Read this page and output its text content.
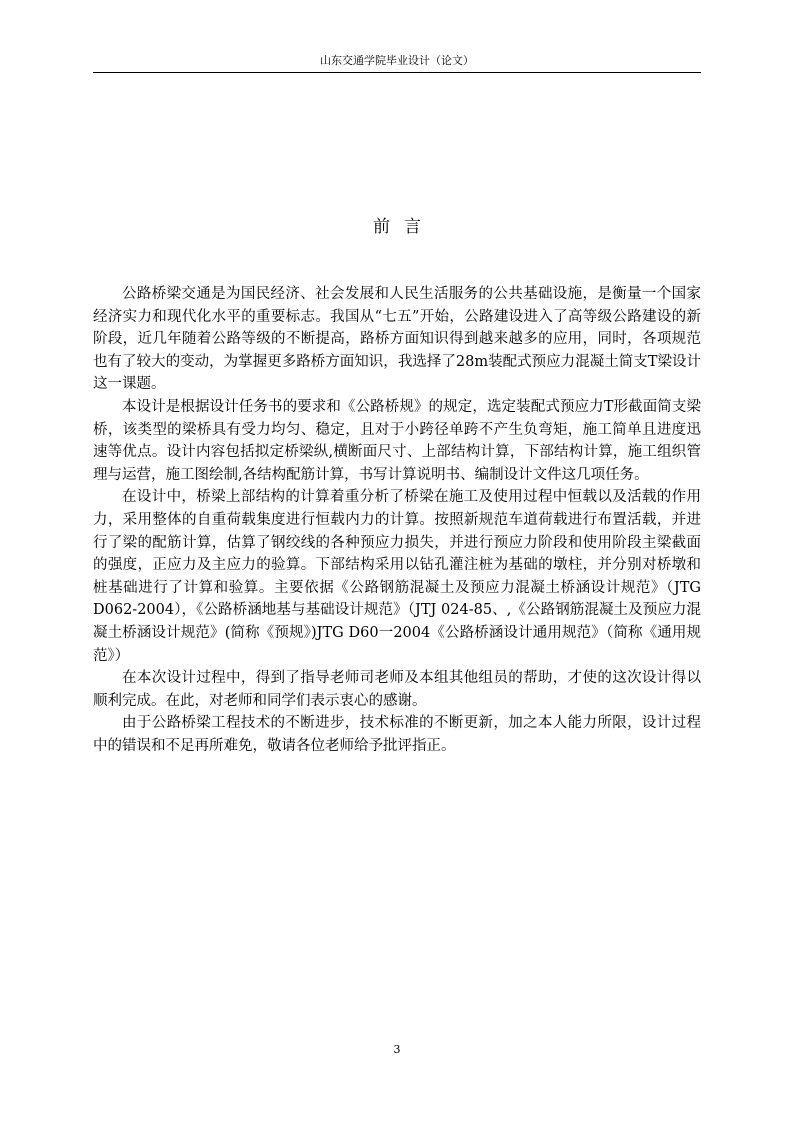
山东交通学院毕业设计（论文）
前言

公路桥梁交通是为国民经济、社会发展和人民生活服务的公共基础设施，是衡量一个国家经济实力和现代化水平的重要标志。我国从“七五”开始，公路建设进入了高等级公路建设的新阶段，近几年随着公路等级的不断提高，路桥方面知识得到越来越多的应用，同时，各项规范也有了较大的变动，为掌握更多路桥方面知识，我选择了28m装配式预应力混凝土简支T梁设计这一课题。

本设计是根据设计任务书的要求和《公路桥规》的规定，选定装配式预应力T形截面简支梁桥，该类型的梁桥具有受力均匀、稳定，且对于小跨径单跨不产生负弯矩，施工简单且进度迅速等优点。设计内容包括拟定桥梁纵,横断面尺寸、上部结构计算，下部结构计算，施工组织管理与运营，施工图绘制,各结构配筋计算，书写计算说明书、编制设计文件这几项任务。

在设计中，桥梁上部结构的计算着重分析了桥梁在施工及使用过程中恒载以及活载的作用力，采用整体的自重荷载集度进行恒载内力的计算。按照新规范车道荷载进行布置活载，并进行了梁的配筋计算，估算了钢绞线的各种预应力损失，并进行预应力阶段和使用阶段主梁截面的强度，正应力及主应力的验算。下部结构采用以钻孔灌注桩为基础的墩柱，并分别对桥墩和桩基础进行了计算和验算。主要依据《公路钢筋混凝土及预应力混凝土桥涵设计规范》（JTG D062-2004），《公路桥涵地基与基础设计规范》（JTJ 024-85、,《公路钢筋混凝土及预应力混凝土桥涵设计规范》(简称《预规》)JTG D60一2004《公路桥涵设计通用规范》（简称《通用规范》）

在本次设计过程中，得到了指导老师司老师及本组其他组员的帮助，才使的这次设计得以顺利完成。在此，对老师和同学们表示衷心的感谢。

由于公路桥梁工程技术的不断进步，技术标准的不断更新，加之本人能力所限，设计过程中的错误和不足再所难免，敬请各位老师给予批评指正。

3
